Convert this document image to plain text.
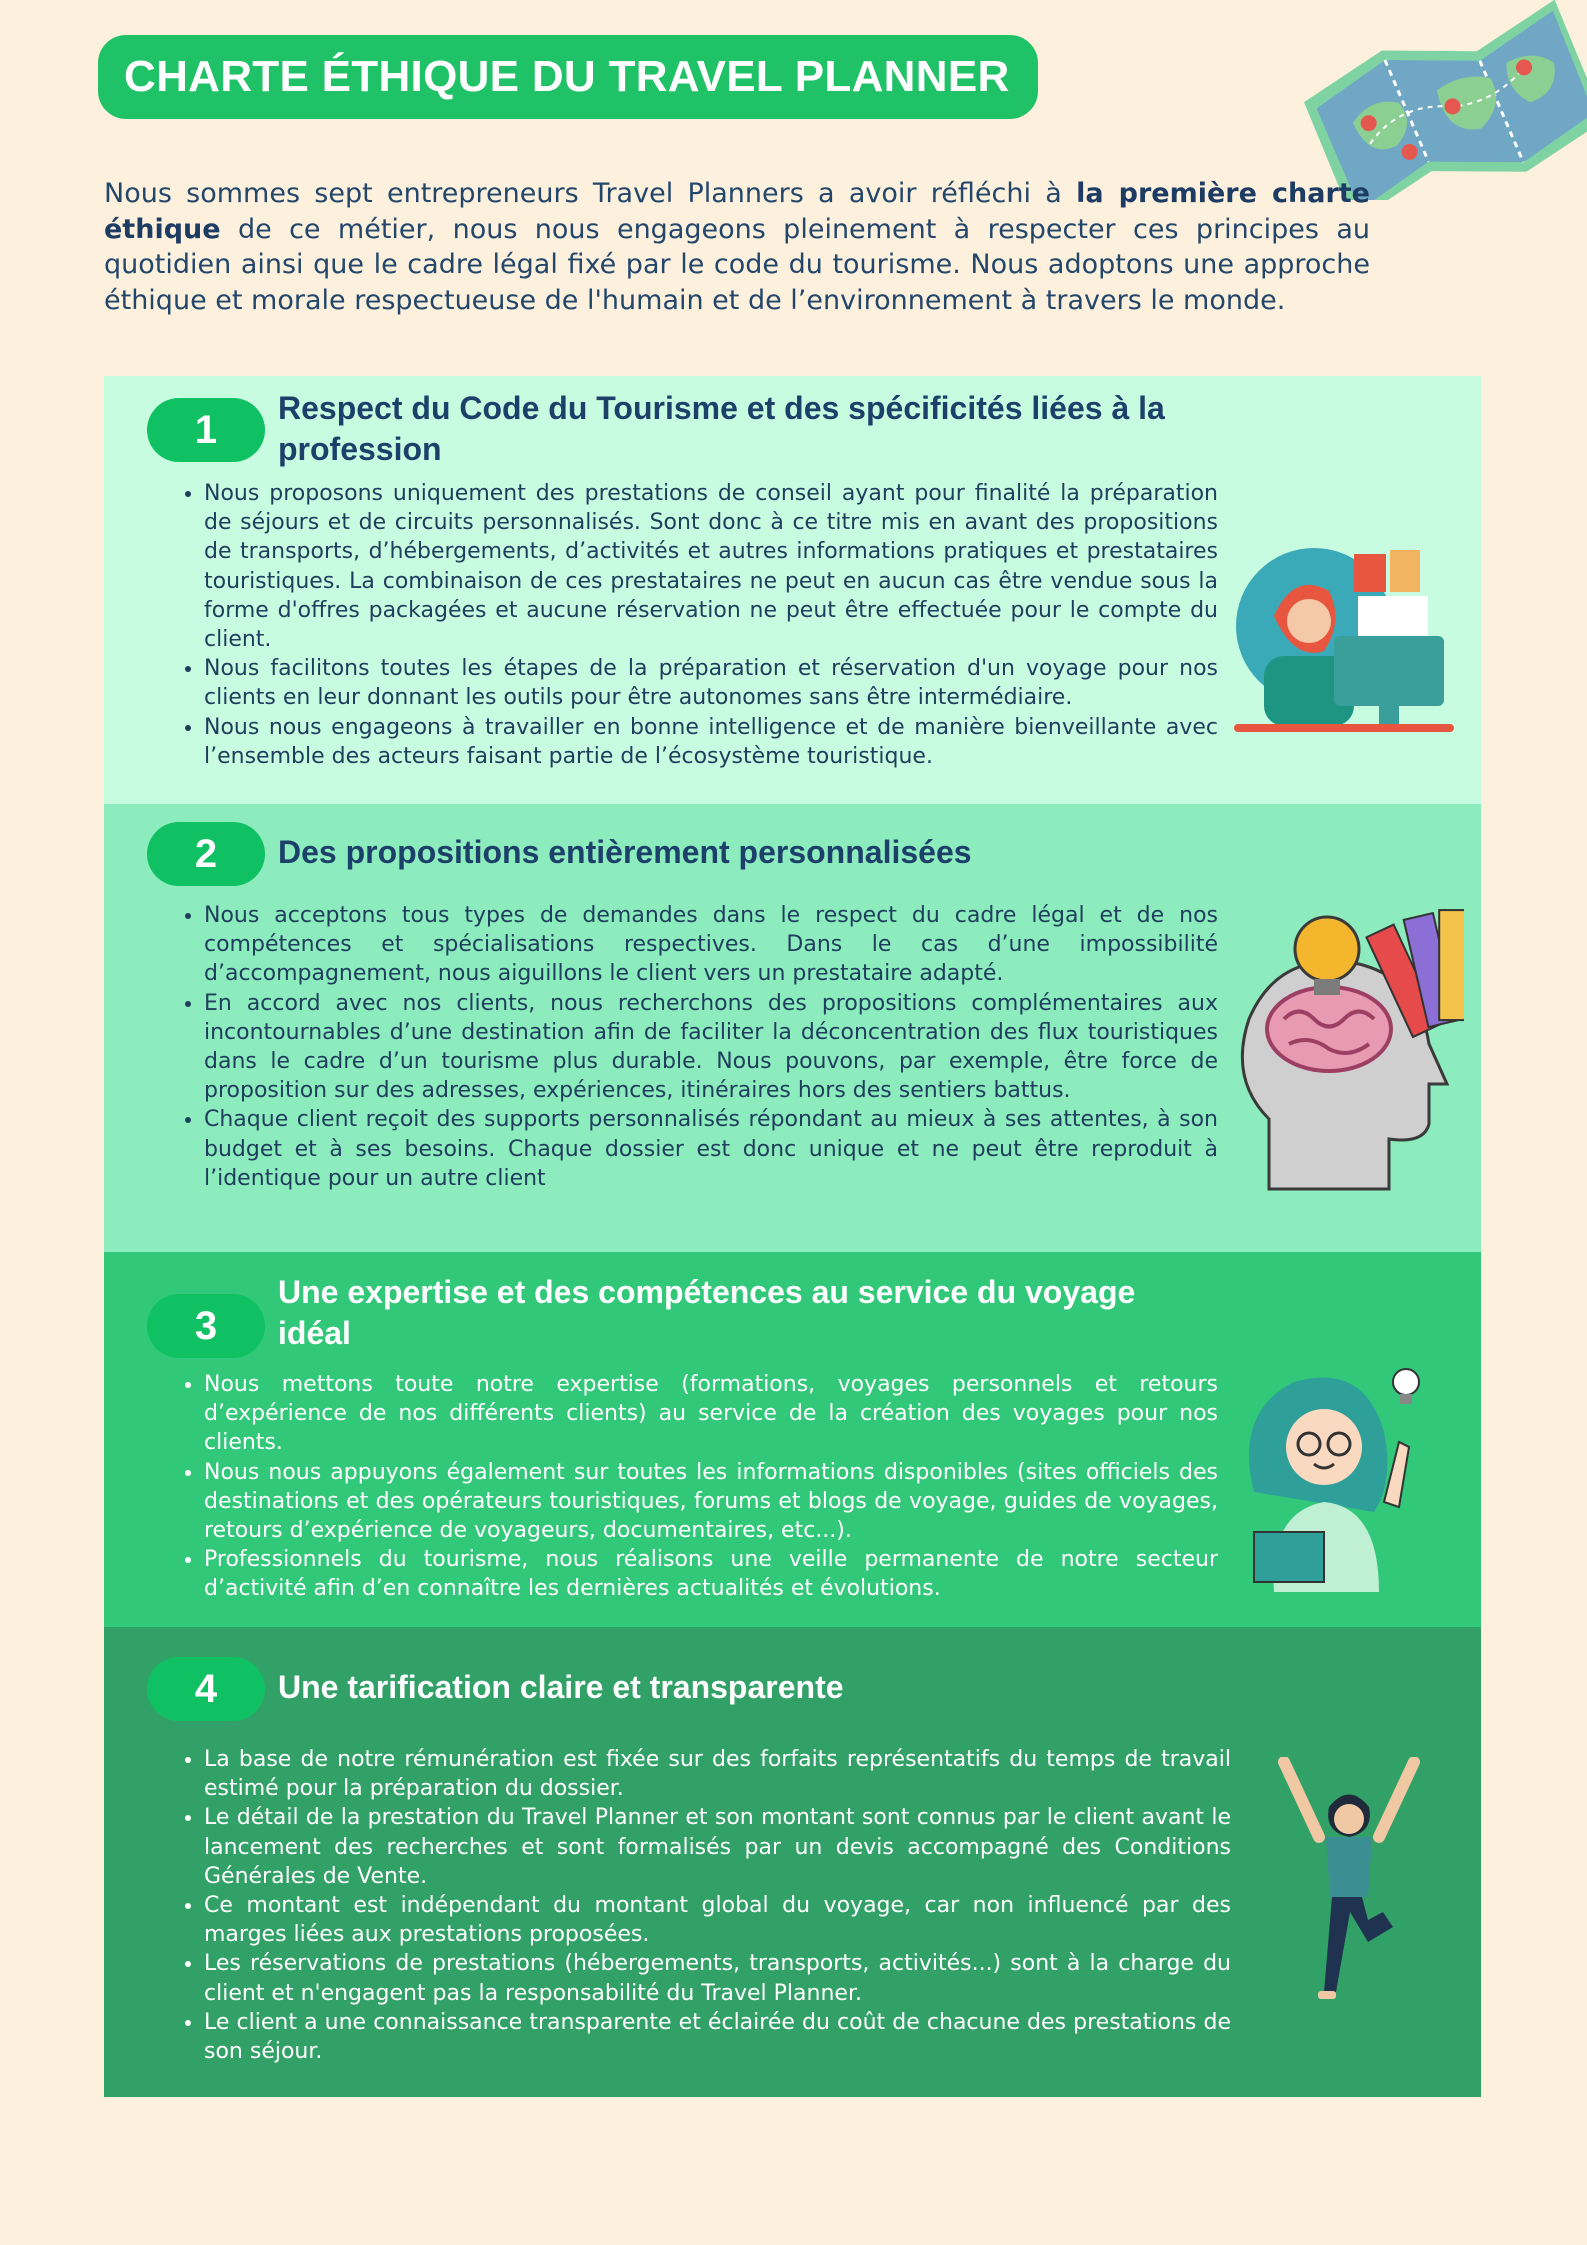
CHARTE ÉTHIQUE DU TRAVEL PLANNER
Nous sommes sept entrepreneurs Travel Planners a avoir réfléchi à la première charte éthique de ce métier, nous nous engageons pleinement à respecter ces principes au quotidien ainsi que le cadre légal fixé par le code du tourisme. Nous adoptons une approche éthique et morale respectueuse de l'humain et de l’environnement à travers le monde.
1	Respect du Code du Tourisme et des spécificités liées à la profession
• Nous proposons uniquement des prestations de conseil ayant pour finalité la préparation de séjours et de circuits personnalisés. Sont donc à ce titre mis en avant des propositions de transports, d’hébergements, d’activités et autres informations pratiques et prestataires touristiques. La combinaison de ces prestataires ne peut en aucun cas être vendue sous la forme d'offres packagées et aucune réservation ne peut être effectuée pour le compte du client.
• Nous facilitons toutes les étapes de la préparation et réservation d'un voyage pour nos clients en leur donnant les outils pour être autonomes sans être intermédiaire.
• Nous nous engageons à travailler en bonne intelligence et de manière bienveillante avec l’ensemble des acteurs faisant partie de l’écosystème touristique.
2	Des propositions entièrement personnalisées
• Nous acceptons tous types de demandes dans le respect du cadre légal et de nos compétences et spécialisations respectives. Dans le cas d’une impossibilité d’accompagnement, nous aiguillons le client vers un prestataire adapté.
• En accord avec nos clients, nous recherchons des propositions complémentaires aux incontournables d’une destination afin de faciliter la déconcentration des flux touristiques dans le cadre d’un tourisme plus durable. Nous pouvons, par exemple, être force de proposition sur des adresses, expériences, itinéraires hors des sentiers battus.
• Chaque client reçoit des supports personnalisés répondant au mieux à ses attentes, à son budget et à ses besoins. Chaque dossier est donc unique et ne peut être reproduit à l’identique pour un autre client
3
Une expertise et des compétences au service du voyage idéal
• Nous mettons toute notre expertise (formations, voyages personnels et retours d’expérience de nos différents clients) au service de la création des voyages pour nos clients.
• Nous nous appuyons également sur toutes les informations disponibles (sites officiels des destinations et des opérateurs touristiques, forums et blogs de voyage, guides de voyages, retours d’expérience de voyageurs, documentaires, etc...).
• Professionnels du tourisme, nous réalisons une veille permanente de notre secteur d’activité afin d’en connaître les dernières actualités et évolutions.
4	Une tarification claire et transparente
• La base de notre rémunération est fixée sur des forfaits représentatifs du temps de travail estimé pour la préparation du dossier.
• Le détail de la prestation du Travel Planner et son montant sont connus par le client avant le lancement des recherches et sont formalisés par un devis accompagné des Conditions Générales de Vente.
• Ce montant est indépendant du montant global du voyage, car non influencé par des marges liées aux prestations proposées.
• Les réservations de prestations (hébergements, transports, activités...) sont à la charge du client et n'engagent pas la responsabilité du Travel Planner.
• Le client a une connaissance transparente et éclairée du coût de chacune des prestations de son séjour.
